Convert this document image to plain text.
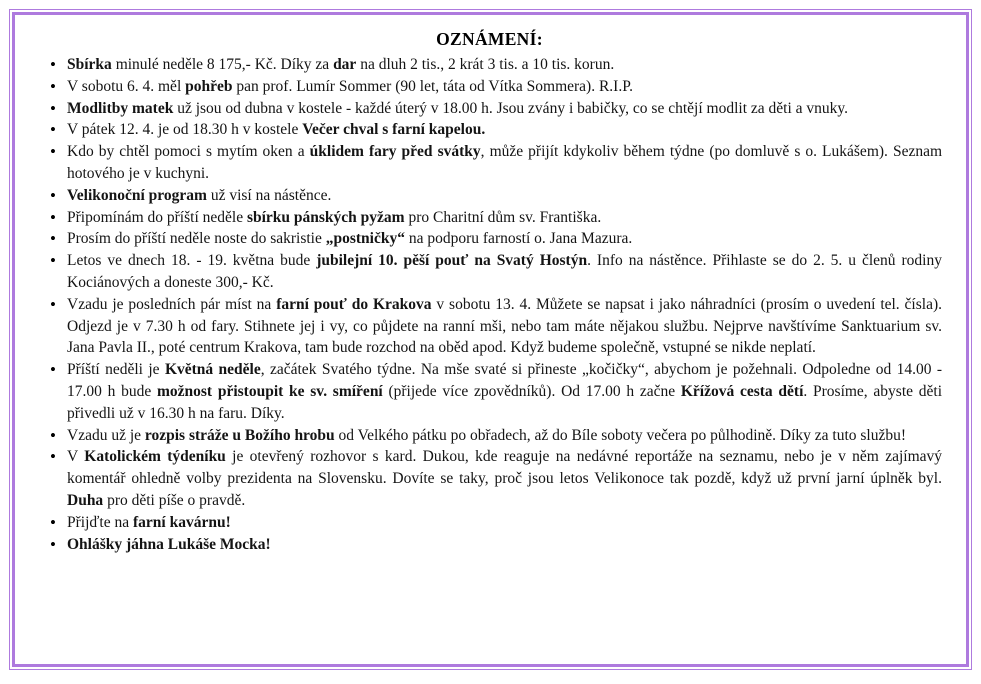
OZNÁMENÍ:
• Sbírka minulé neděle 8 175,- Kč. Díky za dar na dluh 2 tis., 2 krát 3 tis. a 10 tis. korun.
• V sobotu 6. 4. měl pohřeb pan prof. Lumír Sommer (90 let, táta od Vítka Sommera). R.I.P.
• Modlitby matek už jsou od dubna v kostele - každé úterý v 18.00 h. Jsou zvány i babičky, co se chtějí modlit za děti a vnuky.
• V pátek 12. 4. je od 18.30 h v kostele Večer chval s farní kapelou.
• Kdo by chtěl pomoci s mytím oken a úklidem fary před svátky, může přijít kdykoliv během týdne (po domluvě s o. Lukášem). Seznam hotového je v kuchyni.
• Velikonoční program už visí na nástěnce.
• Připomínám do příští neděle sbírku pánských pyžam pro Charitní dům sv. Františka.
• Prosím do příští neděle noste do sakristie „postničky“ na podporu farností o. Jana Mazura.
• Letos ve dnech 18. - 19. května bude jubilejní 10. pěší pouť na Svatý Hostýn. Info na nástěnce. Přihlaste se do 2. 5. u členů rodiny Kociánových a doneste 300,- Kč.
• Vzadu je posledních pár míst na farní pouť do Krakova v sobotu 13. 4. Můžete se napsat i jako náhradníci (prosím o uvedení tel. čísla). Odjezd je v 7.30 h od fary. Stihnete jej i vy, co půjdete na ranní mši, nebo tam máte nějakou službu. Nejprve navštívíme Sanktuarium sv. Jana Pavla II., poté centrum Krakova, tam bude rozchod na oběd apod. Když budeme společně, vstupné se nikde neplatí.
• Příští neděli je Květná neděle, začátek Svatého týdne. Na mše svaté si přineste „kočičky“, abychom je požehnali. Odpoledne od 14.00 - 17.00 h bude možnost přistoupit ke sv. smíření (přijede více zpovědníků). Od 17.00 h začne Křížová cesta dětí. Prosíme, abyste děti přivedli už v 16.30 h na faru. Díky.
• Vzadu už je rozpis stráže u Božího hrobu od Velkého pátku po obřadech, až do Bíle soboty večera po půlhodině. Díky za tuto službu!
• V Katolickém týdeníku je otevřený rozhovor s kard. Dukou, kde reaguje na nedávné reportáže na seznamu, nebo je v něm zajímavý komentář ohledně volby prezidenta na Slovensku. Dovíte se taky, proč jsou letos Velikonoce tak pozdě, když už první jarní úplněk byl. Duha pro děti píše o pravdě.
• Přijďte na farní kavárnu!
• Ohlášky jáhna Lukáše Mocka!
